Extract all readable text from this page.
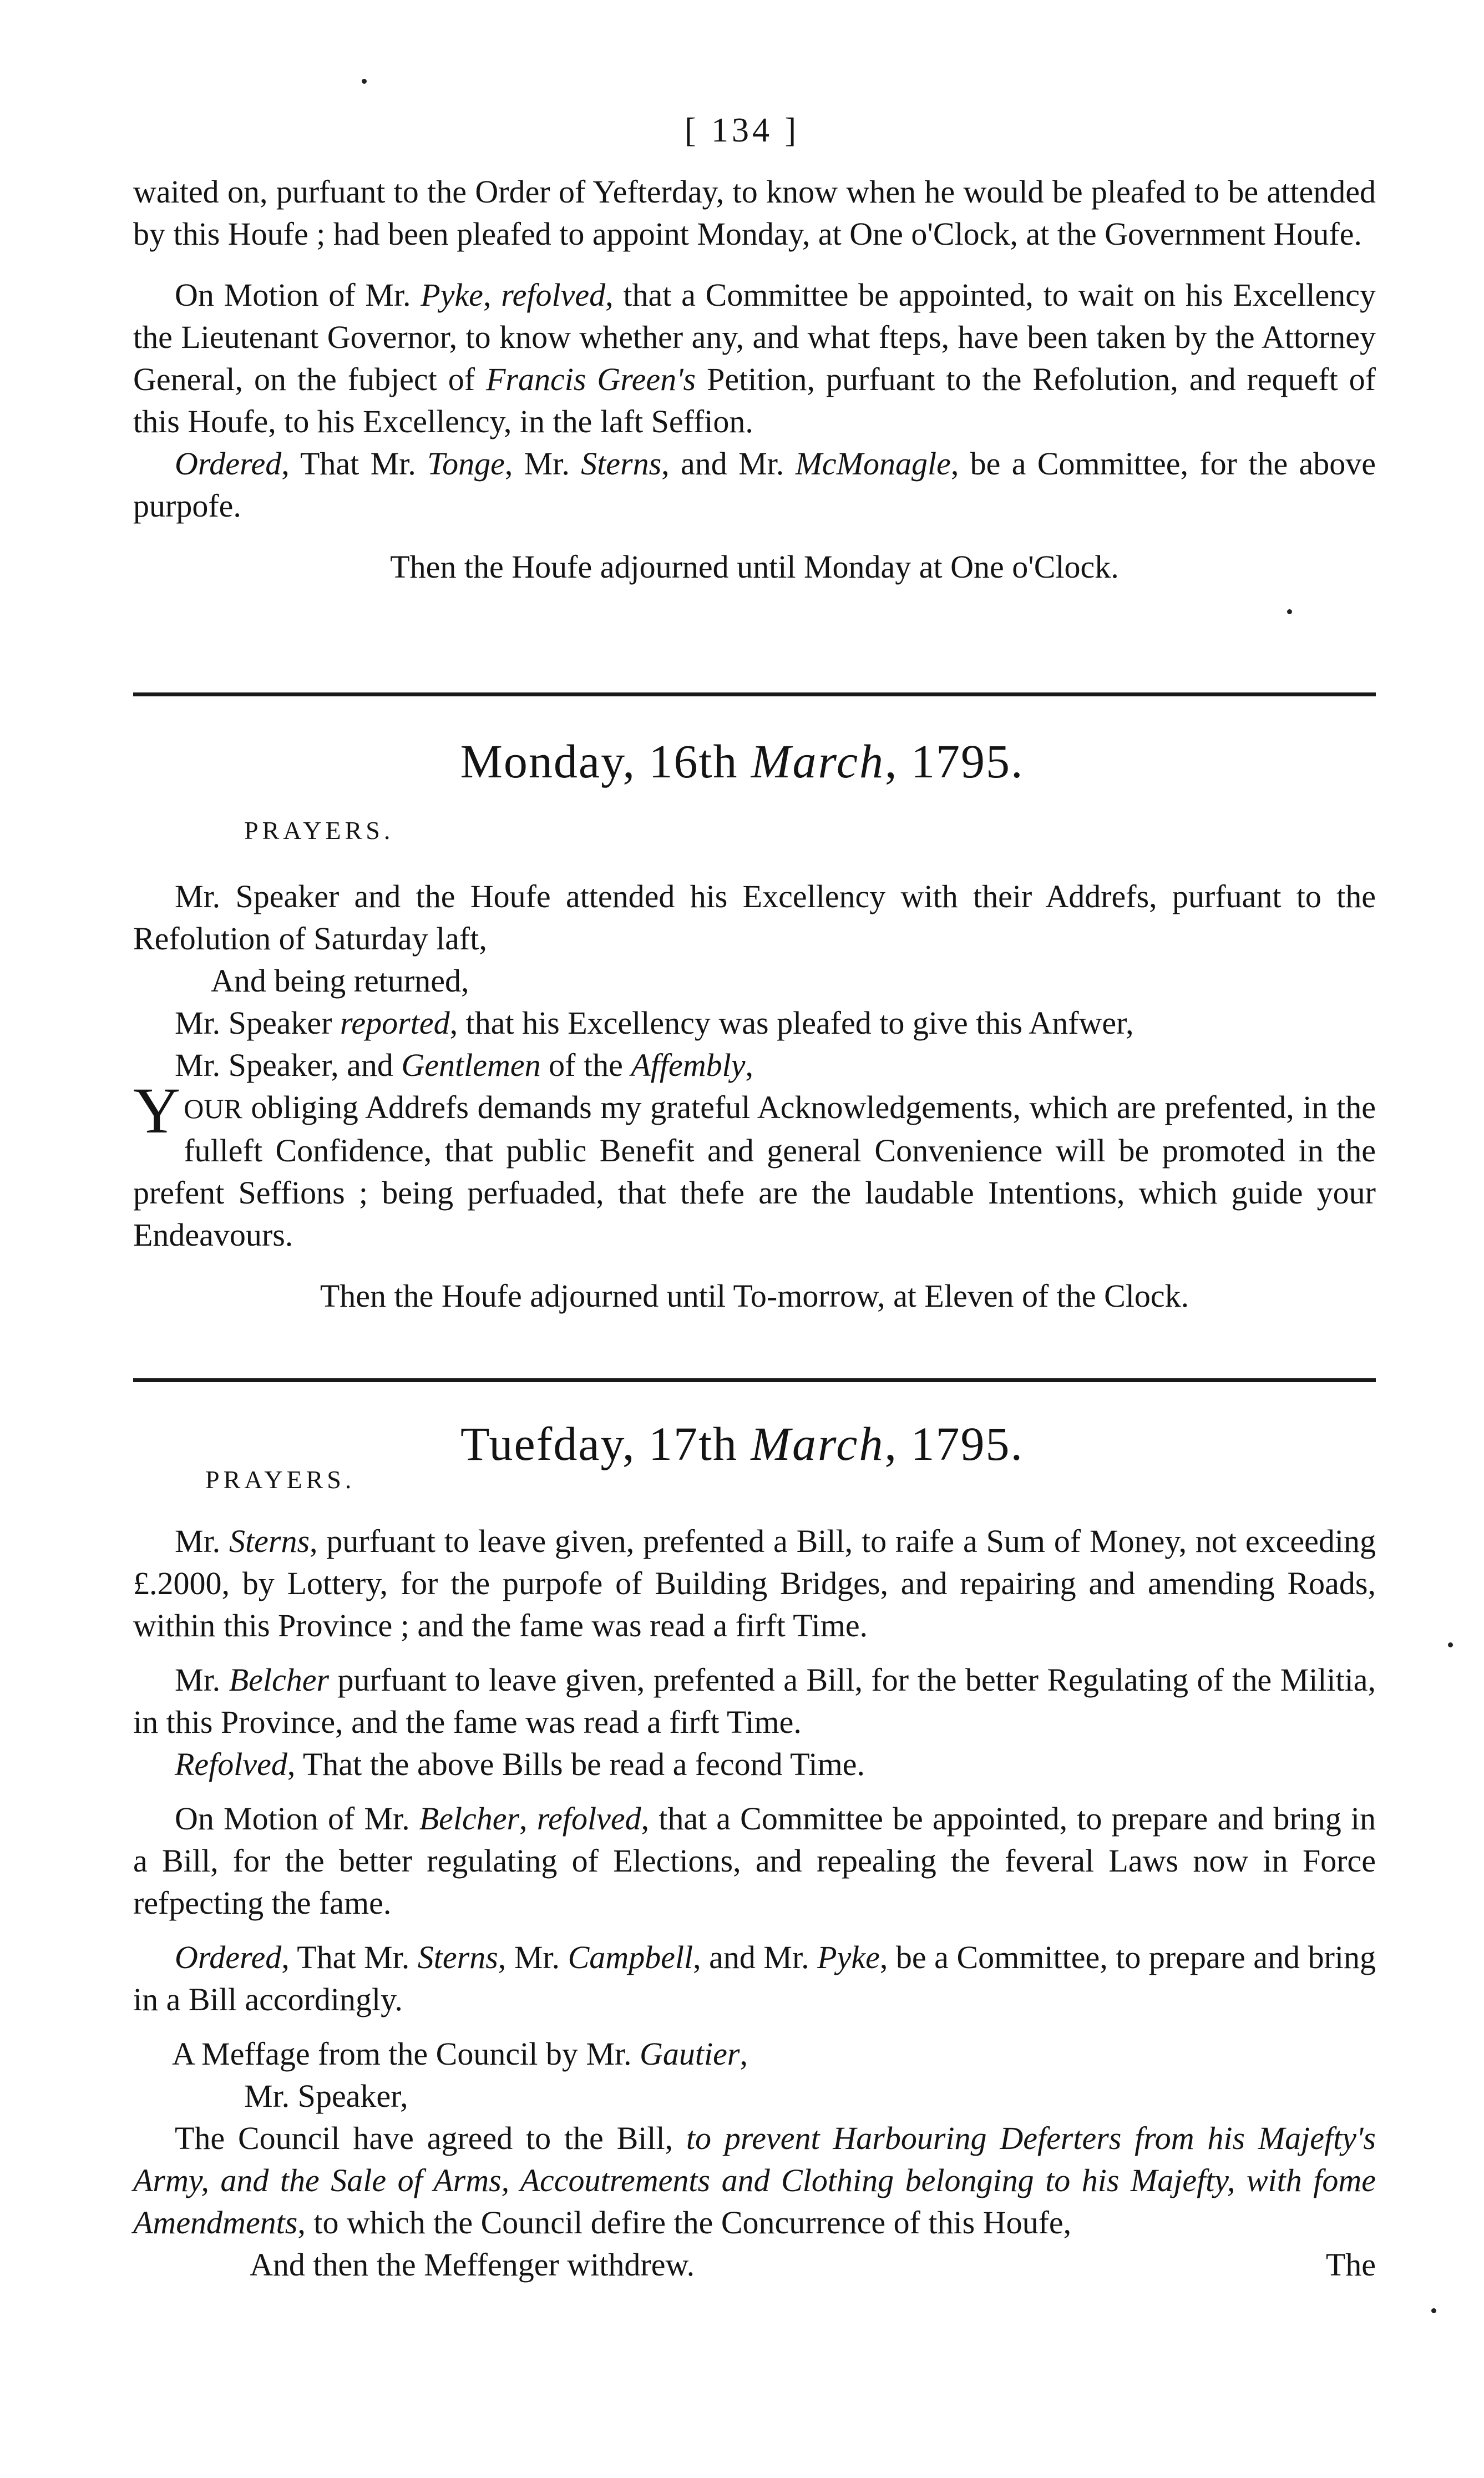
[ 134 ]

waited on, purfuant to the Order of Yefterday, to know when he would be pleafed to be attended by this Houfe ; had been pleafed to appoint Monday, at One o'Clock, at the Government Houfe.

On Motion of Mr. Pyke, refolved, that a Committee be appointed, to wait on his Excellency the Lieutenant Governor, to know whether any, and what fteps, have been taken by the Attorney General, on the fubject of Francis Green's Petition, purfuant to the Refolution, and requeft of this Houfe, to his Excellency, in the laft Seffion.

Ordered, That Mr. Tonge, Mr. Sterns, and Mr. McMonagle, be a Committee, for the above purpofe.

Then the Houfe adjourned until Monday at One o'Clock.

Monday, 16th March, 1795.
PRAYERS.

Mr. Speaker and the Houfe attended his Excellency with their Addrefs, purfuant to the Refolution of Saturday laft,

And being returned,

Mr. Speaker reported, that his Excellency was pleafed to give this Anfwer,

Mr. Speaker, and Gentlemen of the Affembly,

YOUR obliging Addrefs demands my grateful Acknowledgements, which are prefented, in the fulleft Confidence, that public Benefit and general Convenience will be promoted in the prefent Seffions ; being perfuaded, that thefe are the laudable Intentions, which guide your Endeavours.

Then the Houfe adjourned until To-morrow, at Eleven of the Clock.

Tuefday, 17th March, 1795.
PRAYERS.

Mr. Sterns, purfuant to leave given, prefented a Bill, to raife a Sum of Money, not exceeding £.2000, by Lottery, for the purpofe of Building Bridges, and repairing and amending Roads, within this Province ; and the fame was read a firft Time.

Mr. Belcher purfuant to leave given, prefented a Bill, for the better Regulating of the Militia, in this Province, and the fame was read a firft Time.

Refolved, That the above Bills be read a fecond Time.

On Motion of Mr. Belcher, refolved, that a Committee be appointed, to prepare and bring in a Bill, for the better regulating of Elections, and repealing the feveral Laws now in Force refpecting the fame.

Ordered, That Mr. Sterns, Mr. Campbell, and Mr. Pyke, be a Committee, to prepare and bring in a Bill accordingly.

A Meffage from the Council by Mr. Gautier,

Mr. Speaker,

The Council have agreed to the Bill, to prevent Harbouring Deferters from his Majefty's Army, and the Sale of Arms, Accoutrements and Clothing belonging to his Majefty, with fome Amendments, to which the Council defire the Concurrence of this Houfe,

And then the Meffenger withdrew.	The
